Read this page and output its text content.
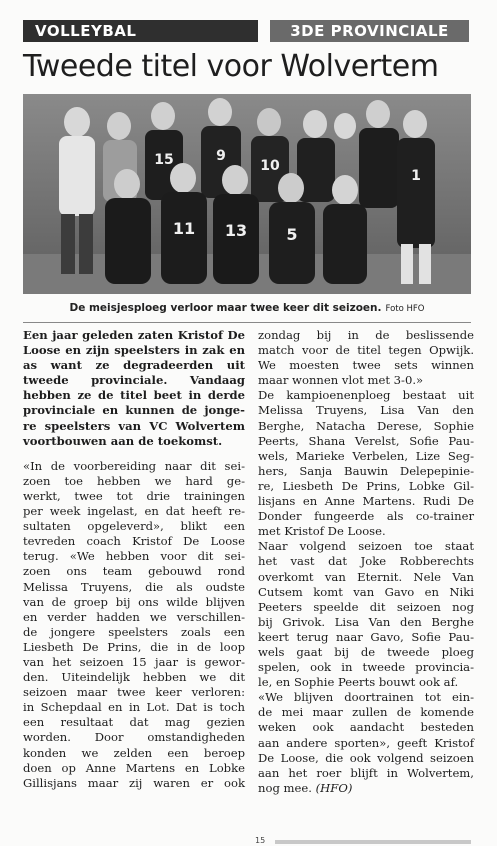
VOLLEYBAL	3DE PROVINCIALE
Tweede titel voor Wolvertem
15	9
10
1
11 13 5
De meisjesploeg verloor maar twee keer dit seizoen. Foto HFO

Een jaar geleden zaten Kristof De
Loose en zijn speelsters in zak en
as want ze degradeerden uit
tweede provinciale. Vandaag
hebben ze de titel beet in derde
provinciale en kunnen de jonge-
re speelsters van VC Wolvertem
voortbouwen aan de toekomst.

«In de voorbereiding naar dit sei-
zoen toe hebben we hard ge-
werkt, twee tot drie trainingen
per week ingelast, en dat heeft re-
sultaten opgeleverd», blikt een
tevreden coach Kristof De Loose
terug. «We hebben voor dit sei-
zoen ons team gebouwd rond
Melissa Truyens, die als oudste
van de groep bij ons wilde blijven
en verder hadden we verschillen-
de jongere speelsters zoals een
Liesbeth De Prins, die in de loop
van het seizoen 15 jaar is gewor-
den. Uiteindelijk hebben we dit
seizoen maar twee keer verloren:
in Schepdaal en in Lot. Dat is toch
een resultaat dat mag gezien
worden. Door omstandigheden
konden we zelden een beroep
doen op Anne Martens en Lobke
Gillisjans maar zij waren er ook

zondag bij in de beslissende
match voor de titel tegen Opwijk.
We moesten twee sets winnen
maar wonnen vlot met 3-0.»
De kampioenenploeg bestaat uit
Melissa Truyens, Lisa Van den
Berghe, Natacha Derese, Sophie
Peerts, Shana Verelst, Sofie Pau-
wels, Marieke Verbelen, Lize Seg-
hers, Sanja Bauwin Delepepinie-
re, Liesbeth De Prins, Lobke Gil-
lisjans en Anne Martens. Rudi De
Donder fungeerde als co-trainer
met Kristof De Loose.
Naar volgend seizoen toe staat
het vast dat Joke Robberechts
overkomt van Eternit. Nele Van
Cutsem komt van Gavo en Niki
Peeters speelde dit seizoen nog
bij Grivok. Lisa Van den Berghe
keert terug naar Gavo, Sofie Pau-
wels gaat bij de tweede ploeg
spelen, ook in tweede provincia-
le, en Sophie Peerts bouwt ook af.
«We blijven doortrainen tot ein-
de mei maar zullen de komende
weken ook aandacht besteden
aan andere sporten», geeft Kristof
De Loose, die ook volgend seizoen
aan het roer blijft in Wolvertem,
nog mee. (HFO)

15
